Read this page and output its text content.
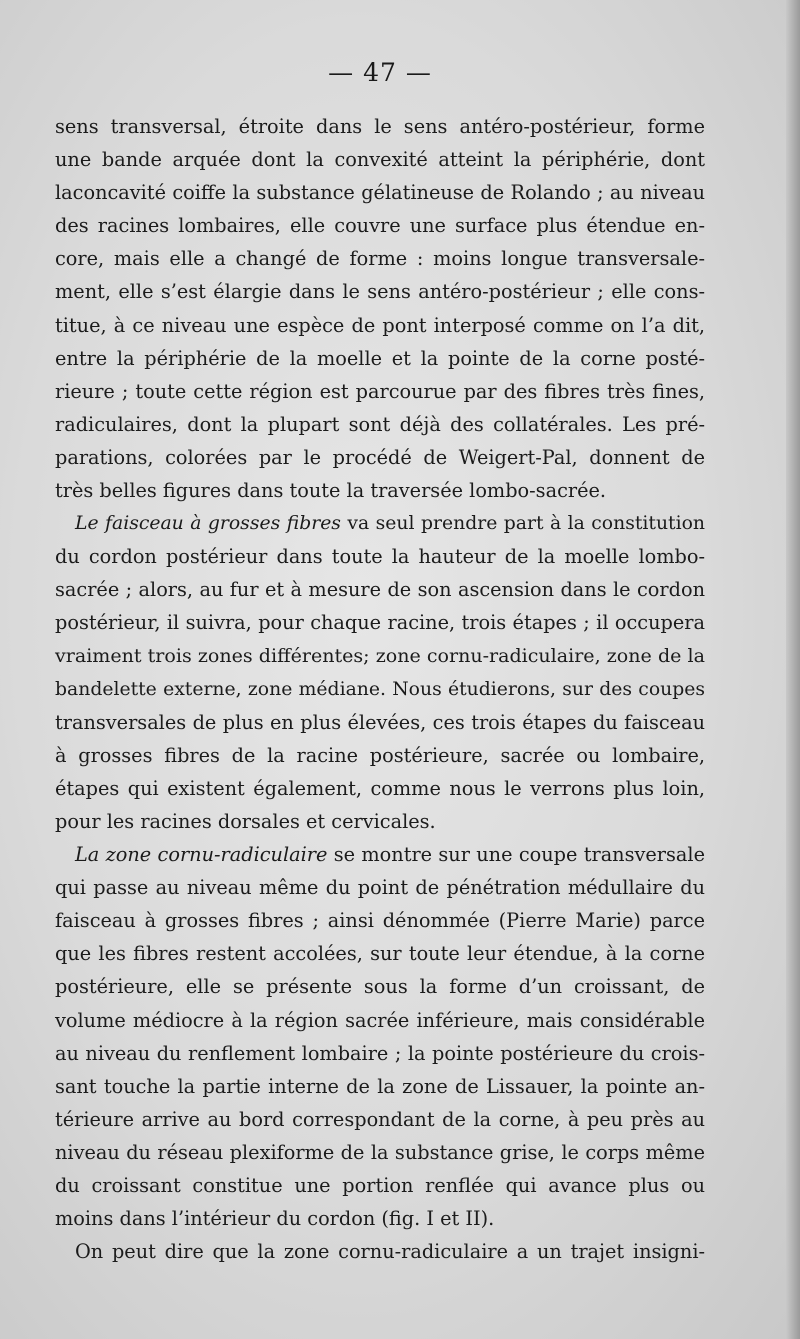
— 47 —
sens transversal, étroite dans le sens antéro-postérieur, forme
une bande arquée dont la convexité atteint la périphérie, dont
laconcavité coiffe la substance gélatineuse de Rolando ; au niveau
des racines lombaires, elle couvre une surface plus étendue en-
core, mais elle a changé de forme : moins longue transversale-
ment, elle s’est élargie dans le sens antéro-postérieur ; elle cons-
titue, à ce niveau une espèce de pont interposé comme on l’a dit,
entre la périphérie de la moelle et la pointe de la corne posté-
rieure ; toute cette région est parcourue par des fibres très fines,
radiculaires, dont la plupart sont déjà des collatérales. Les pré-
parations, colorées par le procédé de Weigert-Pal, donnent de
très belles figures dans toute la traversée lombo-sacrée.
Le faisceau à grosses fibres va seul prendre part à la constitution
du cordon postérieur dans toute la hauteur de la moelle lombo-
sacrée ; alors, au fur et à mesure de son ascension dans le cordon
postérieur, il suivra, pour chaque racine, trois étapes ; il occupera
vraiment trois zones différentes; zone cornu-radiculaire, zone de la
bandelette externe, zone médiane. Nous étudierons, sur des coupes
transversales de plus en plus élevées, ces trois étapes du faisceau
à grosses fibres de la racine postérieure, sacrée ou lombaire,
étapes qui existent également, comme nous le verrons plus loin,
pour les racines dorsales et cervicales.
La zone cornu-radiculaire se montre sur une coupe transversale
qui passe au niveau même du point de pénétration médullaire du
faisceau à grosses fibres ; ainsi dénommée (Pierre Marie) parce
que les fibres restent accolées, sur toute leur étendue, à la corne
postérieure, elle se présente sous la forme d’un croissant, de
volume médiocre à la région sacrée inférieure, mais considérable
au niveau du renflement lombaire ; la pointe postérieure du crois-
sant touche la partie interne de la zone de Lissauer, la pointe an-
térieure arrive au bord correspondant de la corne, à peu près au
niveau du réseau plexiforme de la substance grise, le corps même
du croissant constitue une portion renflée qui avance plus ou
moins dans l’intérieur du cordon (fig. I et II).
On peut dire que la zone cornu-radiculaire a un trajet insigni-
